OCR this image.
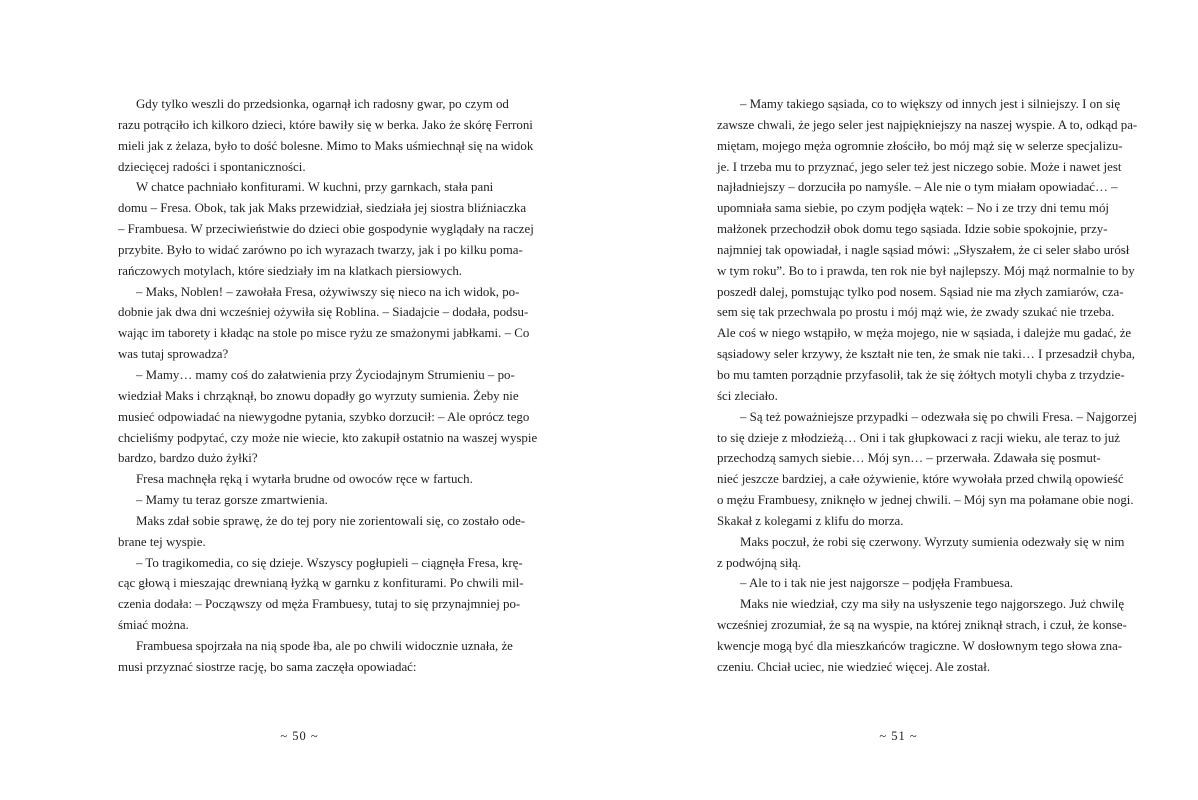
Gdy tylko weszli do przedsionka, ogarnął ich radosny gwar, po czym od
razu potrąciło ich kilkoro dzieci, które bawiły się w berka. Jako że skórę Ferroni
mieli jak z żelaza, było to dość bolesne. Mimo to Maks uśmiechnął się na widok
dziecięcej radości i spontaniczności.
W chatce pachniało konfiturami. W kuchni, przy garnkach, stała pani
domu – Fresa. Obok, tak jak Maks przewidział, siedziała jej siostra bliźniaczka
– Frambuesa. W przeciwieństwie do dzieci obie gospodynie wyglądały na raczej
przybite. Było to widać zarówno po ich wyrazach twarzy, jak i po kilku poma-
rańczowych motylach, które siedziały im na klatkach piersiowych.
– Maks, Noblen! – zawołała Fresa, ożywiwszy się nieco na ich widok, po-
dobnie jak dwa dni wcześniej ożywiła się Roblina. – Siadajcie – dodała, podsu-
wając im taborety i kładąc na stole po misce ryżu ze smażonymi jabłkami. – Co
was tutaj sprowadza?
– Mamy… mamy coś do załatwienia przy Życiodajnym Strumieniu – po-
wiedział Maks i chrząknął, bo znowu dopadły go wyrzuty sumienia. Żeby nie
musieć odpowiadać na niewygodne pytania, szybko dorzucił: – Ale oprócz tego
chcieliśmy podpytać, czy może nie wiecie, kto zakupił ostatnio na waszej wyspie
bardzo, bardzo dużo żyłki?
Fresa machnęła ręką i wytarła brudne od owoców ręce w fartuch.
– Mamy tu teraz gorsze zmartwienia.
Maks zdał sobie sprawę, że do tej pory nie zorientowali się, co zostało ode-
brane tej wyspie.
– To tragikomedia, co się dzieje. Wszyscy pogłupieli – ciągnęła Fresa, krę-
cąc głową i mieszając drewnianą łyżką w garnku z konfiturami. Po chwili mil-
czenia dodała: – Począwszy od męża Frambuesy, tutaj to się przynajmniej po-
śmiać można.
Frambuesa spojrzała na nią spode łba, ale po chwili widocznie uznała, że
musi przyznać siostrze rację, bo sama zaczęła opowiadać:
~ 50 ~
– Mamy takiego sąsiada, co to większy od innych jest i silniejszy. I on się
zawsze chwali, że jego seler jest najpiękniejszy na naszej wyspie. A to, odkąd pa-
miętam, mojego męża ogromnie złościło, bo mój mąż się w selerze specjalizu-
je. I trzeba mu to przyznać, jego seler też jest niczego sobie. Może i nawet jest
najładniejszy – dorzuciła po namyśle. – Ale nie o tym miałam opowiadać… –
upomniała sama siebie, po czym podjęła wątek: – No i ze trzy dni temu mój
małżonek przechodził obok domu tego sąsiada. Idzie sobie spokojnie, przy-
najmniej tak opowiadał, i nagle sąsiad mówi: „Słyszałem, że ci seler słabo urósł
w tym roku”. Bo to i prawda, ten rok nie był najlepszy. Mój mąż normalnie to by
poszedł dalej, pomstując tylko pod nosem. Sąsiad nie ma złych zamiarów, cza-
sem się tak przechwala po prostu i mój mąż wie, że zwady szukać nie trzeba.
Ale coś w niego wstąpiło, w męża mojego, nie w sąsiada, i dalejże mu gadać, że
sąsiadowy seler krzywy, że kształt nie ten, że smak nie taki… I przesadził chyba,
bo mu tamten porządnie przyfasolił, tak że się żółtych motyli chyba z trzydzie-
ści zleciało.
– Są też poważniejsze przypadki – odezwała się po chwili Fresa. – Najgorzej
to się dzieje z młodzieżą… Oni i tak głupkowaci z racji wieku, ale teraz to już
przechodzą samych siebie… Mój syn… – przerwała. Zdawała się posmut-
nieć jeszcze bardziej, a całe ożywienie, które wywołała przed chwilą opowieść
o mężu Frambuesy, zniknęło w jednej chwili. – Mój syn ma połamane obie nogi.
Skakał z kolegami z klifu do morza.
Maks poczuł, że robi się czerwony. Wyrzuty sumienia odezwały się w nim
z podwójną siłą.
– Ale to i tak nie jest najgorsze – podjęła Frambuesa.
Maks nie wiedział, czy ma siły na usłyszenie tego najgorszego. Już chwilę
wcześniej zrozumiał, że są na wyspie, na której zniknął strach, i czuł, że konse-
kwencje mogą być dla mieszkańców tragiczne. W dosłownym tego słowa zna-
czeniu. Chciał uciec, nie wiedzieć więcej. Ale został.
~ 51 ~
